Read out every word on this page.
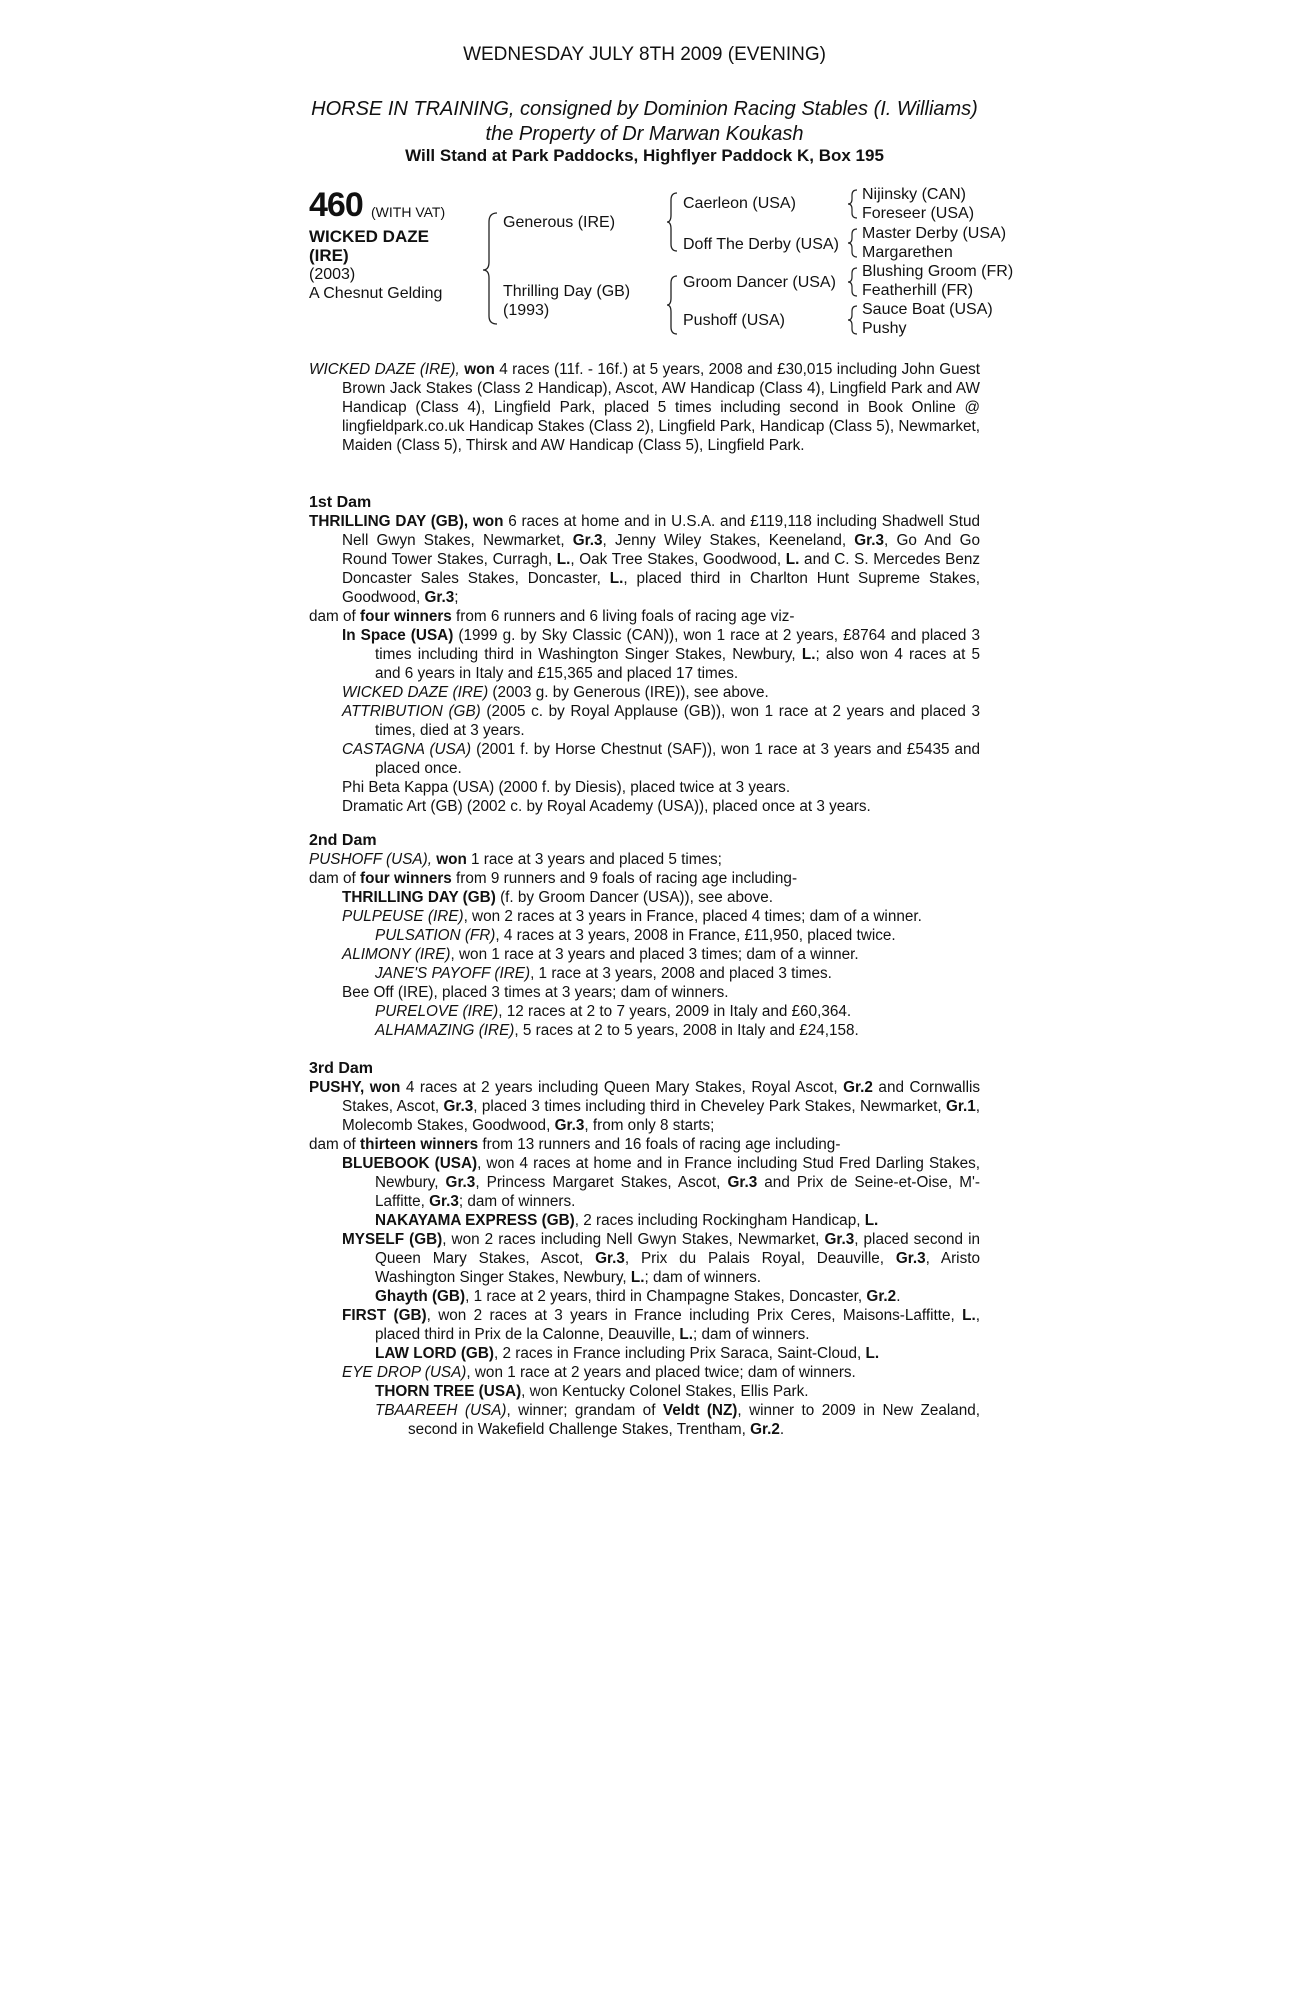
WEDNESDAY JULY 8TH 2009 (EVENING)
HORSE IN TRAINING, consigned by Dominion Racing Stables (I. Williams)
the Property of Dr Marwan Koukash
Will Stand at Park Paddocks, Highflyer Paddock K, Box 195
460 (WITH VAT)
WICKED DAZE
(IRE)
(2003)
A Chesnut Gelding
Generous (IRE)
Thrilling Day (GB)
(1993)
Caerleon (USA)
Doff The Derby (USA)
Groom Dancer (USA)
Pushoff (USA)
Nijinsky (CAN)
Foreseer (USA)
Master Derby (USA)
Margarethen
Blushing Groom (FR)
Featherhill (FR)
Sauce Boat (USA)
Pushy

WICKED DAZE (IRE), won 4 races (11f. - 16f.) at 5 years, 2008 and £30,015 including John Guest Brown Jack Stakes (Class 2 Handicap), Ascot, AW Handicap (Class 4), Lingfield Park and AW Handicap (Class 4), Lingfield Park, placed 5 times including second in Book Online @ lingfieldpark.co.uk Handicap Stakes (Class 2), Lingfield Park, Handicap (Class 5), Newmarket, Maiden (Class 5), Thirsk and AW Handicap (Class 5), Lingfield Park.

1st Dam

THRILLING DAY (GB), won 6 races at home and in U.S.A. and £119,118 including Shadwell Stud Nell Gwyn Stakes, Newmarket, Gr.3, Jenny Wiley Stakes, Keeneland, Gr.3, Go And Go Round Tower Stakes, Curragh, L., Oak Tree Stakes, Goodwood, L. and C. S. Mercedes Benz Doncaster Sales Stakes, Doncaster, L., placed third in Charlton Hunt Supreme Stakes, Goodwood, Gr.3;

dam of four winners from 6 runners and 6 living foals of racing age viz-

In Space (USA) (1999 g. by Sky Classic (CAN)), won 1 race at 2 years, £8764 and placed 3 times including third in Washington Singer Stakes, Newbury, L.; also won 4 races at 5 and 6 years in Italy and £15,365 and placed 17 times.

WICKED DAZE (IRE) (2003 g. by Generous (IRE)), see above.

ATTRIBUTION (GB) (2005 c. by Royal Applause (GB)), won 1 race at 2 years and placed 3 times, died at 3 years.

CASTAGNA (USA) (2001 f. by Horse Chestnut (SAF)), won 1 race at 3 years and £5435 and placed once.

Phi Beta Kappa (USA) (2000 f. by Diesis), placed twice at 3 years.

Dramatic Art (GB) (2002 c. by Royal Academy (USA)), placed once at 3 years.

2nd Dam

PUSHOFF (USA), won 1 race at 3 years and placed 5 times;

dam of four winners from 9 runners and 9 foals of racing age including-

THRILLING DAY (GB) (f. by Groom Dancer (USA)), see above.

PULPEUSE (IRE), won 2 races at 3 years in France, placed 4 times; dam of a winner.

PULSATION (FR), 4 races at 3 years, 2008 in France, £11,950, placed twice.

ALIMONY (IRE), won 1 race at 3 years and placed 3 times; dam of a winner.

JANE'S PAYOFF (IRE), 1 race at 3 years, 2008 and placed 3 times.

Bee Off (IRE), placed 3 times at 3 years; dam of winners.

PURELOVE (IRE), 12 races at 2 to 7 years, 2009 in Italy and £60,364.

ALHAMAZING (IRE), 5 races at 2 to 5 years, 2008 in Italy and £24,158.

3rd Dam

PUSHY, won 4 races at 2 years including Queen Mary Stakes, Royal Ascot, Gr.2 and Cornwallis Stakes, Ascot, Gr.3, placed 3 times including third in Cheveley Park Stakes, Newmarket, Gr.1, Molecomb Stakes, Goodwood, Gr.3, from only 8 starts;

dam of thirteen winners from 13 runners and 16 foals of racing age including-

BLUEBOOK (USA), won 4 races at home and in France including Stud Fred Darling Stakes, Newbury, Gr.3, Princess Margaret Stakes, Ascot, Gr.3 and Prix de Seine-et-Oise, M'-Laffitte, Gr.3; dam of winners.

NAKAYAMA EXPRESS (GB), 2 races including Rockingham Handicap, L.

MYSELF (GB), won 2 races including Nell Gwyn Stakes, Newmarket, Gr.3, placed second in Queen Mary Stakes, Ascot, Gr.3, Prix du Palais Royal, Deauville, Gr.3, Aristo Washington Singer Stakes, Newbury, L.; dam of winners.

Ghayth (GB), 1 race at 2 years, third in Champagne Stakes, Doncaster, Gr.2.

FIRST (GB), won 2 races at 3 years in France including Prix Ceres, Maisons-Laffitte, L., placed third in Prix de la Calonne, Deauville, L.; dam of winners.

LAW LORD (GB), 2 races in France including Prix Saraca, Saint-Cloud, L.

EYE DROP (USA), won 1 race at 2 years and placed twice; dam of winners.

THORN TREE (USA), won Kentucky Colonel Stakes, Ellis Park.

TBAAREEH (USA), winner; grandam of Veldt (NZ), winner to 2009 in New Zealand, second in Wakefield Challenge Stakes, Trentham, Gr.2.
